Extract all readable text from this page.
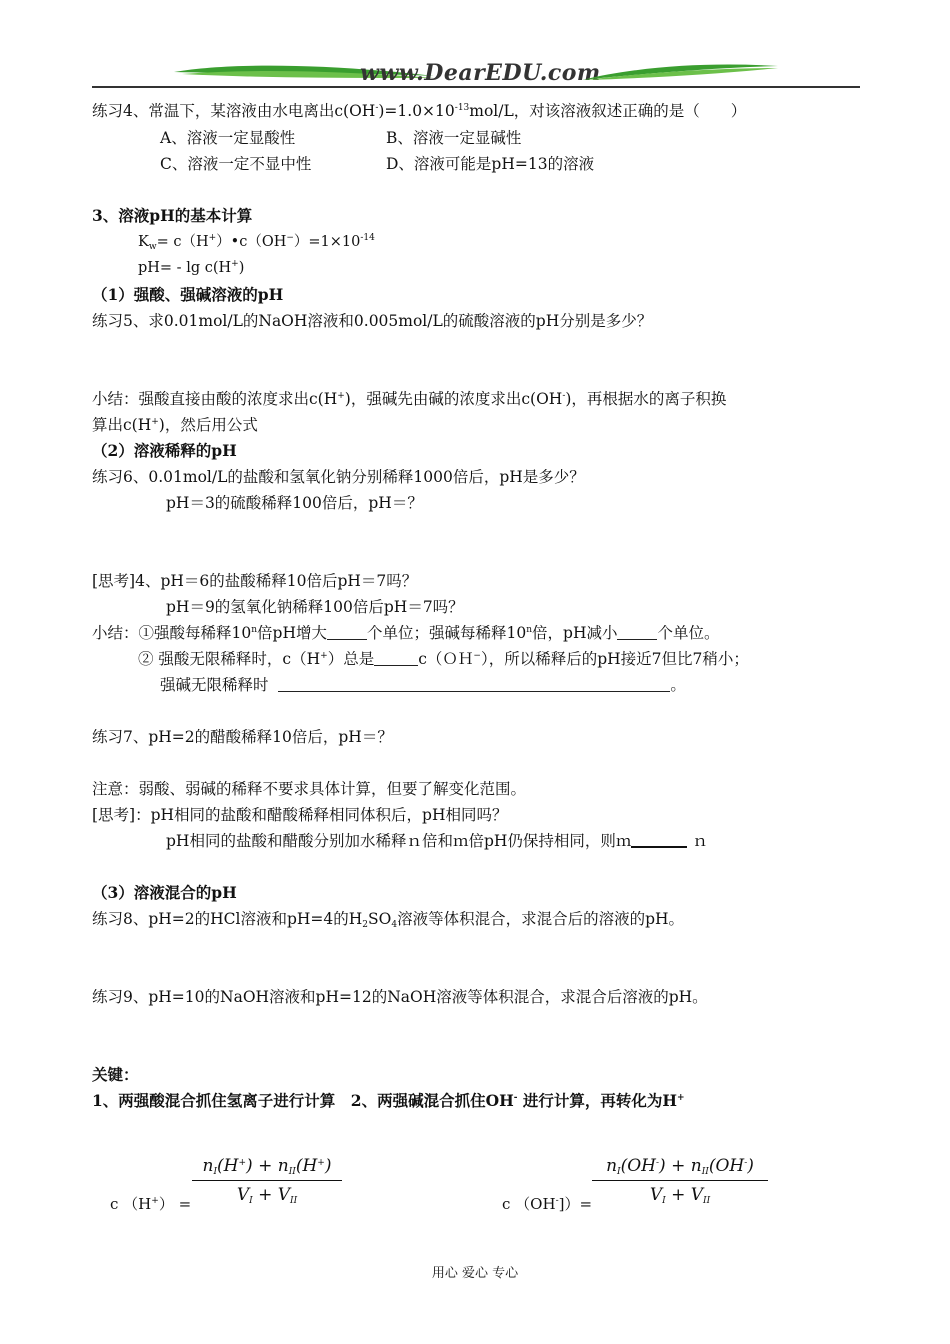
www.DearEDU.com
练习4、常温下，某溶液由水电离出$c(OH^-)=1.0\times 10^{-13}mol/L$，对该溶液叙述正确的是（　　）
A、溶液一定显酸性	B、溶液一定显碱性
C、溶液一定不显中性	D、溶液可能是pH=13的溶液
3、溶液pH的基本计算
$K_w=$ $c(H^+)•c(OH^-)=1\times 10^{-14}$
pH= - lg c(H+)
（1）强酸、强碱溶液的pH
练习5、求0.01mol/L的NaOH溶液和0.005mol/L的硫酸溶液的pH分别是多少？
小结：强酸直接由酸的浓度求出c(H+)，强碱先由碱的浓度求出c(OH-)，再根据水的离子积换
算出c(H+)，然后用公式
（2）溶液稀释的pH
练习6、0.01mol/L的盐酸和氢氧化钠分别稀释1000倍后，pH是多少？
pH＝3的硫酸稀释100倍后，pH＝？
[思考]4、pH＝6的盐酸稀释10倍后pH＝7吗？
pH＝9的氢氧化钠稀释100倍后pH＝7吗？
小结：①强酸每稀释10$^n$倍pH增大	个单位；强碱每稀释10$^n$倍，pH减小	个单位。
② 强酸无限稀释时，c（H+）总是	c（ＯＨ−），所以稀释后的pH接近7但比7稍小；
强碱无限稀释时	。
练习7、pH=2的醋酸稀释10倍后，pH＝？
注意：弱酸、弱碱的稀释不要求具体计算，但要了解变化范围。
[思考]：pH相同的盐酸和醋酸稀释相同体积后，pH相同吗？
pH相同的盐酸和醋酸分别加水稀释ｎ倍和ｍ倍pH仍保持相同，则ｍ	ｎ
（3）溶液混合的pH
练习8、pH=2的HCl溶液和pH=4的$H_2SO_4$溶液等体积混合，求混合后的溶液的pH。
练习9、pH=10的NaOH溶液和pH=12的NaOH溶液等体积混合，求混合后溶液的pH。
关键：
1、两强酸混合抓住氢离子进行计算　2、两强碱混合抓住OH- 进行计算，再转化为H+
c （H+） =
$n_I(H^+) + n_{II}(H^+)$
$V_I + V_{II}$	c （OH-]）=
$n_I(OH^-) + n_{II}(OH^-)$
$V_I + V_{II}$
用心 爱心 专心
